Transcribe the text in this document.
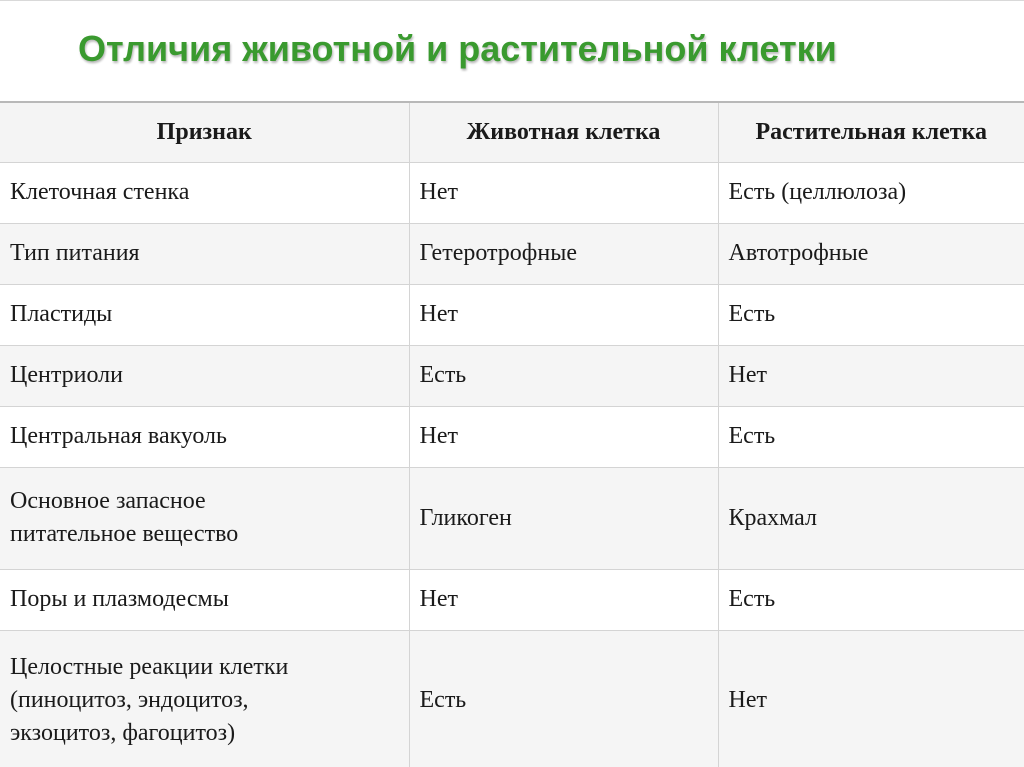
Отличия животной и растительной клетки
Признак	Животная клетка	Растительная клетка
Клеточная стенка	Нет	Есть (целлюлоза)
Тип питания	Гетеротрофные	Автотрофные
Пластиды	Нет	Есть
Центриоли	Есть	Нет
Центральная вакуоль	Нет	Есть
Основное запасное
питательное вещество	Гликоген	Крахмал
Поры и плазмодесмы	Нет	Есть
Целостные реакции клетки
(пиноцитоз, эндоцитоз,
экзоцитоз, фагоцитоз)	Есть	Нет
